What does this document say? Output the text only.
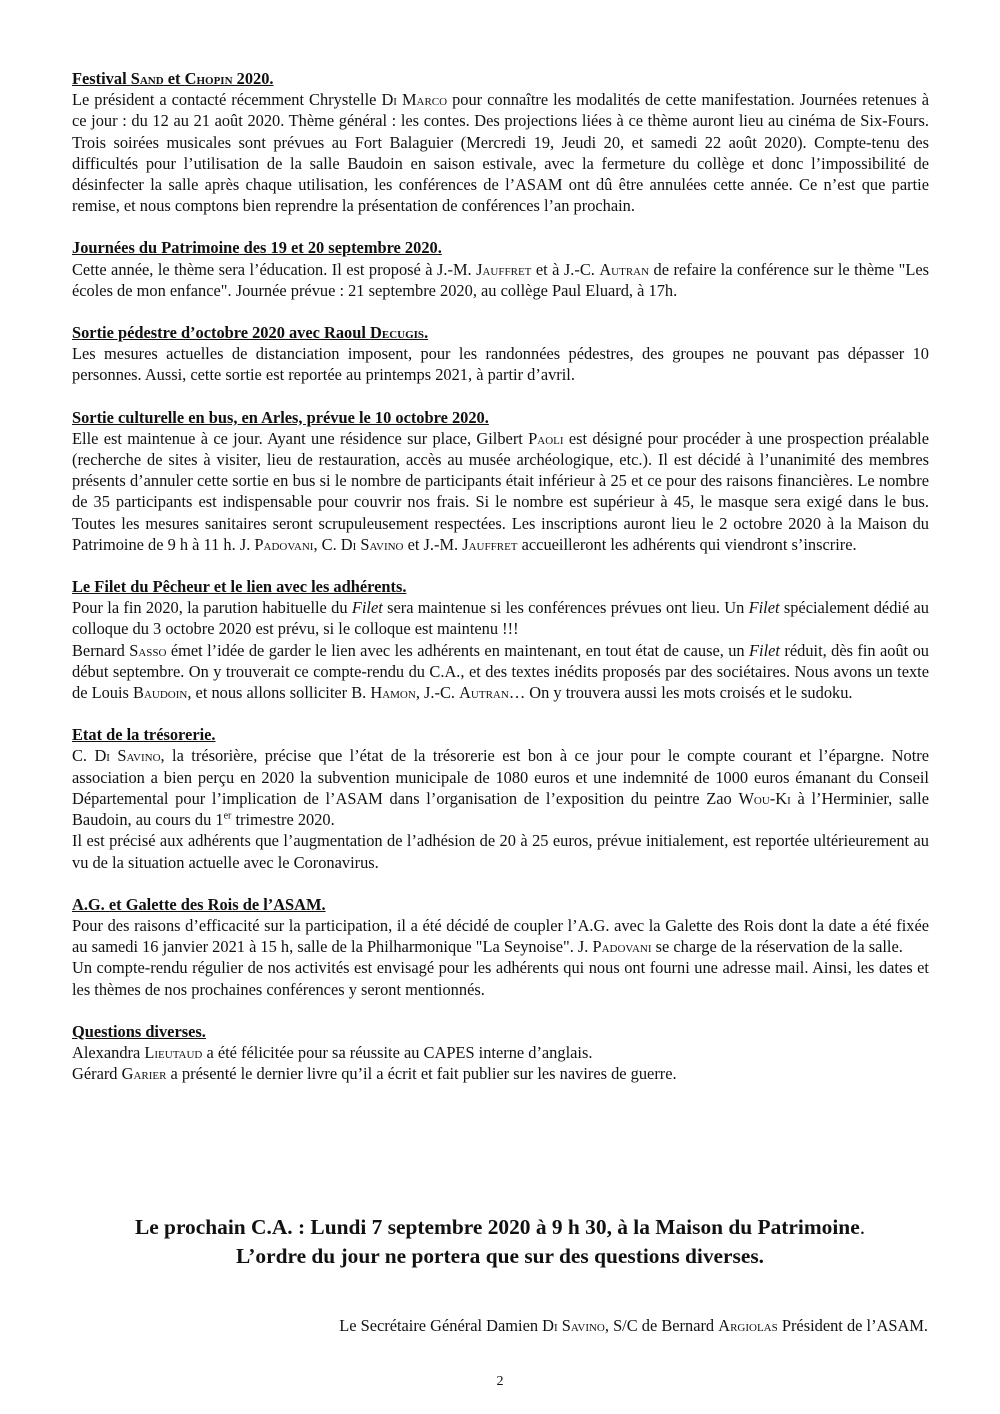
Festival Sand et Chopin 2020.
Le président a contacté récemment Chrystelle Di Marco pour connaître les modalités de cette manifestation. Journées retenues à ce jour : du 12 au 21 août 2020. Thème général : les contes. Des projections liées à ce thème auront lieu au cinéma de Six-Fours. Trois soirées musicales sont prévues au Fort Balaguier (Mercredi 19, Jeudi 20, et samedi 22 août 2020). Compte-tenu des difficultés pour l’utilisation de la salle Baudoin en saison estivale, avec la fermeture du collège et donc l’impossibilité de désinfecter la salle après chaque utilisation, les conférences de l’ASAM ont dû être annulées cette année. Ce n’est que partie remise, et nous comptons bien reprendre la présentation de conférences l’an prochain.
Journées du Patrimoine des 19 et 20 septembre 2020.
Cette année, le thème sera l’éducation. Il est proposé à J.-M. Jauffret et à J.-C. Autran de refaire la conférence sur le thème "Les écoles de mon enfance". Journée prévue : 21 septembre 2020, au collège Paul Eluard, à 17h.
Sortie pédestre d’octobre 2020 avec Raoul Decugis.
Les mesures actuelles de distanciation imposent, pour les randonnées pédestres, des groupes ne pouvant pas dépasser 10 personnes. Aussi, cette sortie est reportée au printemps 2021, à partir d’avril.
Sortie culturelle en bus, en Arles, prévue le 10 octobre 2020.
Elle est maintenue à ce jour. Ayant une résidence sur place, Gilbert Paoli est désigné pour procéder à une prospection préalable (recherche de sites à visiter, lieu de restauration, accès au musée archéologique, etc.). Il est décidé à l’unanimité des membres présents d’annuler cette sortie en bus si le nombre de participants était inférieur à 25 et ce pour des raisons financières. Le nombre de 35 participants est indispensable pour couvrir nos frais. Si le nombre est supérieur à 45, le masque sera exigé dans le bus. Toutes les mesures sanitaires seront scrupuleusement respectées. Les inscriptions auront lieu le 2 octobre 2020 à la Maison du Patrimoine de 9 h à 11 h. J. Padovani, C. Di Savino et J.-M. Jauffret accueilleront les adhérents qui viendront s’inscrire.
Le Filet du Pêcheur et le lien avec les adhérents.
Pour la fin 2020, la parution habituelle du Filet sera maintenue si les conférences prévues ont lieu. Un Filet spécialement dédié au colloque du 3 octobre 2020 est prévu, si le colloque est maintenu !!!
Bernard Sasso émet l’idée de garder le lien avec les adhérents en maintenant, en tout état de cause, un Filet réduit, dès fin août ou début septembre. On y trouverait ce compte-rendu du C.A., et des textes inédits proposés par des sociétaires. Nous avons un texte de Louis Baudoin, et nous allons solliciter B. Hamon, J.-C. Autran… On y trouvera aussi les mots croisés et le sudoku.
Etat de la trésorerie.
C. Di Savino, la trésorière, précise que l’état de la trésorerie est bon à ce jour pour le compte courant et l’épargne. Notre association a bien perçu en 2020 la subvention municipale de 1080 euros et une indemnité de 1000 euros émanant du Conseil Départemental pour l’implication de l’ASAM dans l’organisation de l’exposition du peintre Zao Wou-Ki à l’Herminier, salle Baudoin, au cours du 1er trimestre 2020.
Il est précisé aux adhérents que l’augmentation de l’adhésion de 20 à 25 euros, prévue initialement, est reportée ultérieurement au vu de la situation actuelle avec le Coronavirus.
A.G. et Galette des Rois de l’ASAM.
Pour des raisons d’efficacité sur la participation, il a été décidé de coupler l’A.G. avec la Galette des Rois dont la date a été fixée au samedi 16 janvier 2021 à 15 h, salle de la Philharmonique "La Seynoise". J. Padovani se charge de la réservation de la salle.
Un compte-rendu régulier de nos activités est envisagé pour les adhérents qui nous ont fourni une adresse mail. Ainsi, les dates et les thèmes de nos prochaines conférences y seront mentionnés.
Questions diverses.
Alexandra Lieutaud a été félicitée pour sa réussite au CAPES interne d’anglais.
Gérard Garier a présenté le dernier livre qu’il a écrit et fait publier sur les navires de guerre.
Le prochain C.A. : Lundi 7 septembre 2020 à 9 h 30, à la Maison du Patrimoine.
L’ordre du jour ne portera que sur des questions diverses.
Le Secrétaire Général Damien Di Savino, S/C de Bernard Argiolas Président de l’ASAM.
2
